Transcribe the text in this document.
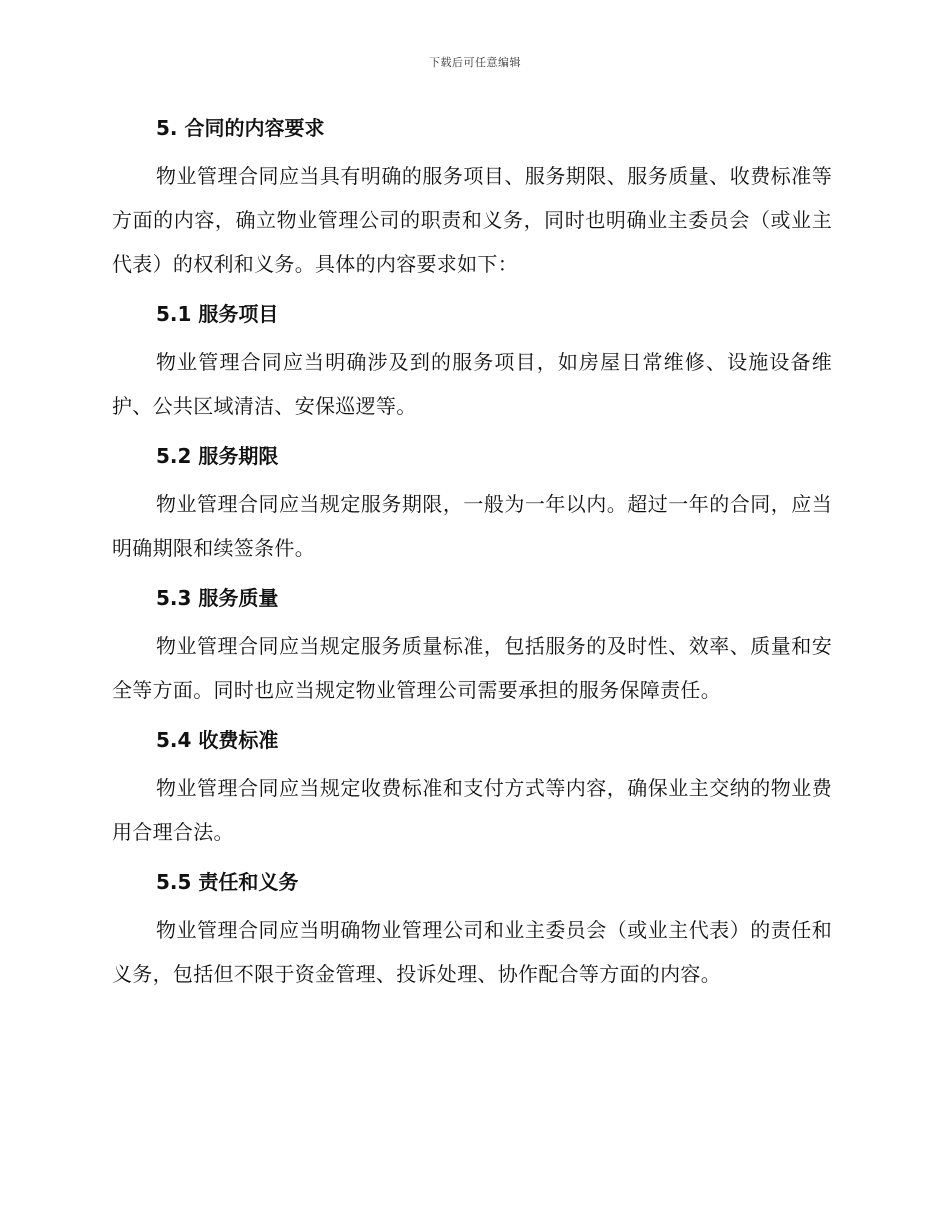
下载后可任意编辑
5. 合同的内容要求

物业管理合同应当具有明确的服务项目、服务期限、服务质量、收费标准等方面的内容，确立物业管理公司的职责和义务，同时也明确业主委员会（或业主代表）的权利和义务。具体的内容要求如下：

5.1 服务项目

物业管理合同应当明确涉及到的服务项目，如房屋日常维修、设施设备维护、公共区域清洁、安保巡逻等。

5.2 服务期限

物业管理合同应当规定服务期限，一般为一年以内。超过一年的合同，应当明确期限和续签条件。

5.3 服务质量

物业管理合同应当规定服务质量标准，包括服务的及时性、效率、质量和安全等方面。同时也应当规定物业管理公司需要承担的服务保障责任。

5.4 收费标准

物业管理合同应当规定收费标准和支付方式等内容，确保业主交纳的物业费用合理合法。

5.5 责任和义务

物业管理合同应当明确物业管理公司和业主委员会（或业主代表）的责任和义务，包括但不限于资金管理、投诉处理、协作配合等方面的内容。
